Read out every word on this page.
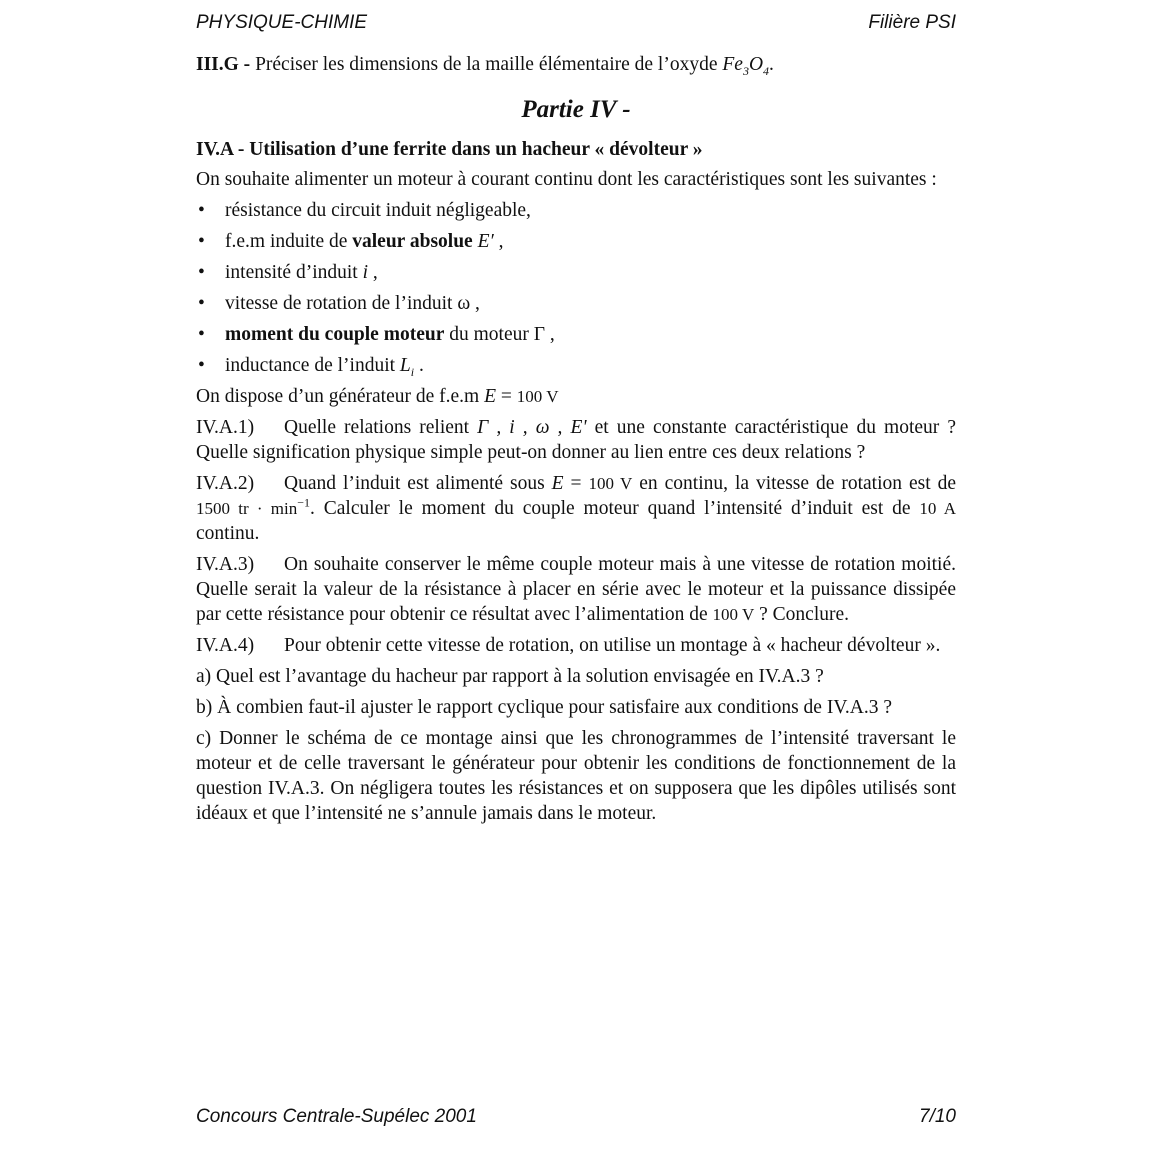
PHYSIQUE-CHIMIE	Filière PSI

III.G - Préciser les dimensions de la maille élémentaire de l’oxyde $Fe_3O_4$.

Partie IV -
IV.A - Utilisation d’une ferrite dans un hacheur « dévolteur »

On souhaite alimenter un moteur à courant continu dont les caractéristiques sont les suivantes :

• résistance du circuit induit négligeable,
• f.e.m induite de valeur absolue E′ ,
• intensité d’induit i ,
• vitesse de rotation de l’induit ω ,
• moment du couple moteur du moteur Γ ,
• inductance de l’induit $L_i$ .

On dispose d’un générateur de f.e.m E = 100 V

IV.A.1) Quelle relations relient Γ , i , ω , E' et une constante caractéristique du moteur ? Quelle signification physique simple peut-on donner au lien entre ces deux relations ?

IV.A.2) Quand l’induit est alimenté sous E = 100 V en continu, la vitesse de rotation est de 1500 tr · $\min^{-1}$. Calculer le moment du couple moteur quand l’intensité d’induit est de 10 A continu.

IV.A.3) On souhaite conserver le même couple moteur mais à une vitesse de rotation moitié. Quelle serait la valeur de la résistance à placer en série avec le moteur et la puissance dissipée par cette résistance pour obtenir ce résultat avec l’alimentation de 100 V ? Conclure.

IV.A.4) Pour obtenir cette vitesse de rotation, on utilise un montage à « hacheur dévolteur ».

a) Quel est l’avantage du hacheur par rapport à la solution envisagée en IV.A.3 ?

b) À combien faut-il ajuster le rapport cyclique pour satisfaire aux conditions de IV.A.3 ?

c) Donner le schéma de ce montage ainsi que les chronogrammes de l’intensité traversant le moteur et de celle traversant le générateur pour obtenir les conditions de fonctionnement de la question IV.A.3. On négligera toutes les résistances et on supposera que les dipôles utilisés sont idéaux et que l’intensité ne s’annule jamais dans le moteur.

Concours Centrale-Supélec 2001	7/10
